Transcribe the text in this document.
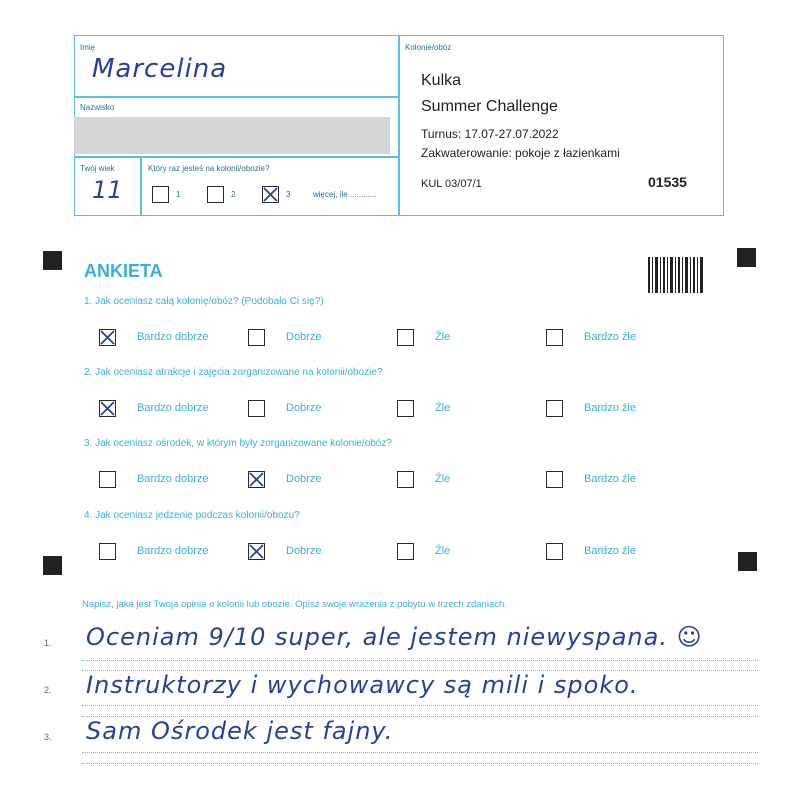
Imię
Marcelina
Nazwisko
Twój wiek
11
Który raz jesteś na kolonii/obozie?
1	2	3	więcej, ile ............
Kolonie/obóz
Kulka
Summer Challenge
Turnus: 17.07-27.07.2022
Zakwaterowanie: pokoje z łazienkami
KUL 03/07/1	01535
ANKIETA
1. Jak oceniasz całą kolonię/obóz? (Podobało Ci się?)
Bardzo dobrze	Dobrze	Źle	Bardzo źle
2. Jak oceniasz atrakcje i zajęcia zorganizowane na kolonii/obozie?
Bardzo dobrze	Dobrze	Źle	Bardzo źle
3. Jak oceniasz ośrodek, w którym były zorganizowane kolonie/obóz?
Bardzo dobrze	Dobrze	Źle	Bardzo źle
4. Jak oceniasz jedzenie podczas kolonii/obozu?
Bardzo dobrze	Dobrze	Źle	Bardzo źle
Napisz, jaka jest Twoja opinia o kolonii lub obozie. Opisz swoje wrażenia z pobytu w trzech zdaniach.
1.
2.
3.
Oceniam 9/10 super, ale jestem niewyspana. ☺
Instruktorzy i wychowawcy są mili i spoko.
Sam Ośrodek jest fajny.
